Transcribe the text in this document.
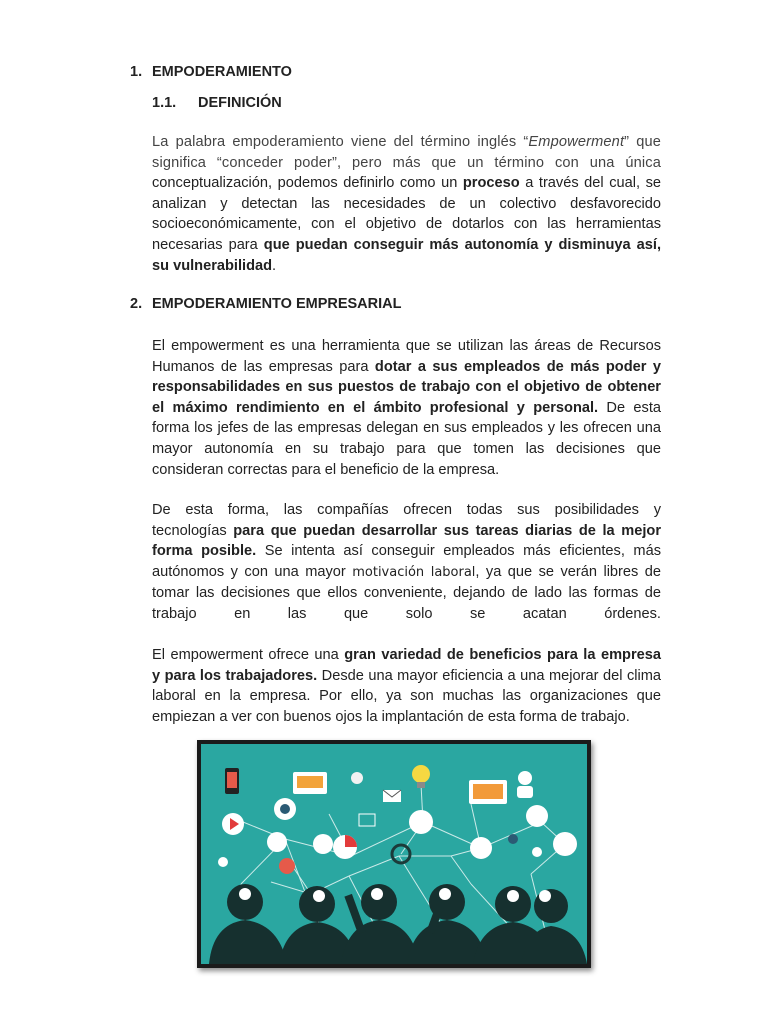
1. EMPODERAMIENTO
1.1. DEFINICIÓN
La palabra empoderamiento viene del término inglés “Empowerment” que
significa “conceder poder”, pero más que un término con una única
conceptualización, podemos definirlo como un proceso a través del cual, se
analizan y detectan las necesidades de un colectivo desfavorecido
socioeconómicamente, con el objetivo de dotarlos con las herramientas
necesarias para que puedan conseguir más autonomía y disminuya así,
su vulnerabilidad.
2. EMPODERAMIENTO EMPRESARIAL
El empowerment es una herramienta que se utilizan las áreas de Recursos
Humanos de las empresas para dotar a sus empleados de más poder y
responsabilidades en sus puestos de trabajo con el objetivo de obtener
el máximo rendimiento en el ámbito profesional y personal. De esta
forma los jefes de las empresas delegan en sus empleados y les ofrecen una
mayor autonomía en su trabajo para que tomen las decisiones que
consideran correctas para el beneficio de la empresa.
De esta forma, las compañías ofrecen todas sus posibilidades y
tecnologías para que puedan desarrollar sus tareas diarias de la mejor
forma posible. Se intenta así conseguir empleados más eficientes, más
autónomos y con una mayor motivación laboral, ya que se verán libres de
tomar las decisiones que ellos conveniente, dejando de lado las formas de
trabajo en las que solo se acatan órdenes.
El empowerment ofrece una gran variedad de beneficios para la empresa
y para los trabajadores. Desde una mayor eficiencia a una mejorar del clima
laboral en la empresa. Por ello, ya son muchas las organizaciones que
empiezan a ver con buenos ojos la implantación de esta forma de trabajo.
